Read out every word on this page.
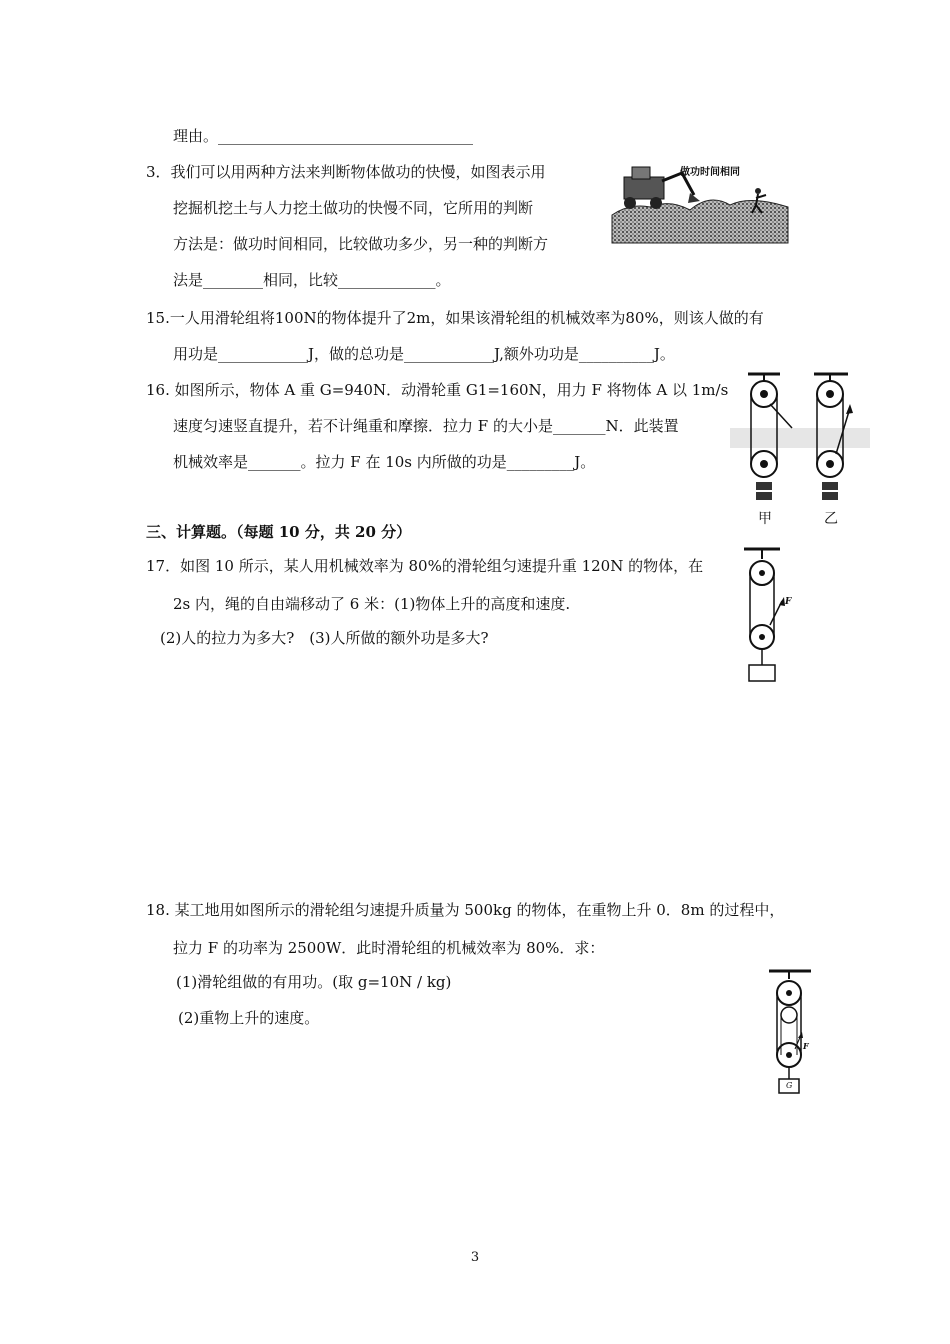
理由。__________________________________
3．我们可以用两种方法来判断物体做功的快慢，如图表示用
挖掘机挖土与人力挖土做功的快慢不同，它所用的判断
方法是：做功时间相同，比较做功多少，另一种的判断方
法是________相同，比较_____________。
15.一人用滑轮组将100N的物体提升了2m，如果该滑轮组的机械效率为80%，则该人做的有
用功是____________J，做的总功是____________J,额外功功是__________J。
16. 如图所示，物体 A 重 G=940N．动滑轮重 G1=160N，用力 F 将物体 A 以 1m/s
速度匀速竖直提升，若不计绳重和摩擦．拉力 F 的大小是_______N．此装置
机械效率是_______。拉力 F 在 10s 内所做的功是_________J。
三、计算题。（每题 10 分，共 20 分）
17．如图 10 所示，某人用机械效率为 80%的滑轮组匀速提升重 120N 的物体，在
2s 内，绳的自由端移动了 6 米：(1)物体上升的高度和速度.
(2)人的拉力为多大?　(3)人所做的额外功是多大?
18. 某工地用如图所示的滑轮组匀速提升质量为 500kg 的物体，在重物上升 0．8m 的过程中，
拉力 F 的功率为 2500W．此时滑轮组的机械效率为 80%．求：
(1)滑轮组做的有用功。(取 g=10N / kg)
(2)重物上升的速度。
做功时间相同
甲	乙
F
F
G
3
